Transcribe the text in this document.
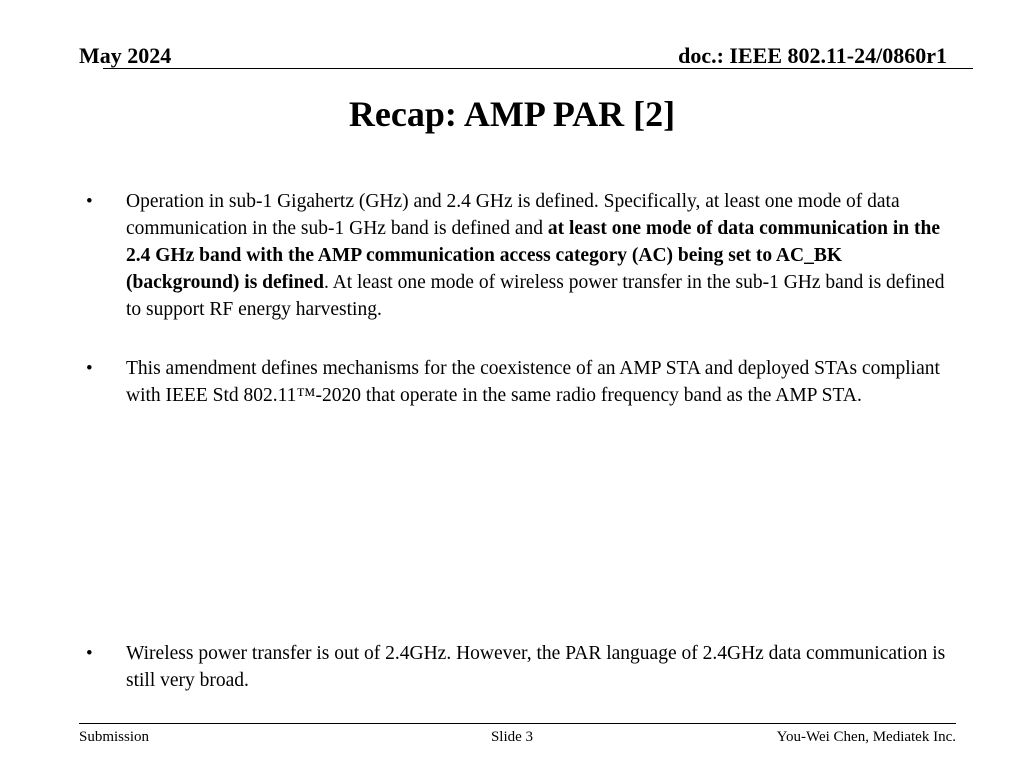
May 2024	doc.: IEEE 802.11-24/0860r1
Recap: AMP PAR [2]
• Operation in sub-1 Gigahertz (GHz) and 2.4 GHz is defined. Specifically, at least one mode of data communication in the sub-1 GHz band is defined and at least one mode of data communication in the 2.4 GHz band with the AMP communication access category (AC) being set to AC_BK (background) is defined. At least one mode of wireless power transfer in the sub-1 GHz band is defined to support RF energy harvesting.
• This amendment defines mechanisms for the coexistence of an AMP STA and deployed STAs compliant with IEEE Std 802.11™-2020 that operate in the same radio frequency band as the AMP STA.
• Wireless power transfer is out of 2.4GHz. However, the PAR language of 2.4GHz data communication is still very broad.
Submission	Slide 3	You-Wei Chen, Mediatek Inc.
